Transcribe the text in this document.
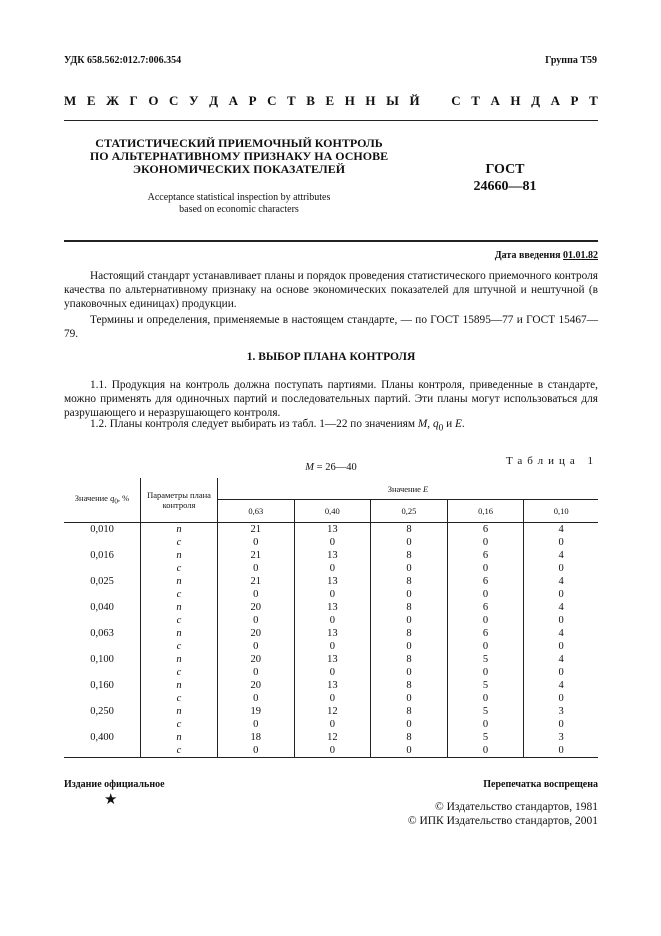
УДК 658.562:012.7:006.354	Группа Т59
М Е Ж Г О С У Д А Р С Т В Е Н Н Ы Й С Т А Н Д А Р Т
СТАТИСТИЧЕСКИЙ ПРИЕМОЧНЫЙ КОНТРОЛЬ
ПО АЛЬТЕРНАТИВНОМУ ПРИЗНАКУ НА ОСНОВЕ
ЭКОНОМИЧЕСКИХ ПОКАЗАТЕЛЕЙ
Acceptance statistical inspection by attributes
based on economic characters
ГОСТ
24660—81
Дата введения 01.01.82
Настоящий стандарт устанавливает планы и порядок проведения статистического приемочного контроля качества по альтернативному признаку на основе экономических показателей для штучной и нештучной (в упаковочных единицах) продукции.
Термины и определения, применяемые в настоящем стандарте, — по ГОСТ 15895—77 и ГОСТ 15467—79.
1. ВЫБОР ПЛАНА КОНТРОЛЯ
1.1. Продукция на контроль должна поступать партиями. Планы контроля, приведенные в стандарте, можно применять для одиночных партий и последовательных партий. Эти планы могут использоваться для разрушающего и неразрушающего контроля.
1.2. Планы контроля следует выбирать из табл. 1—22 по значениям M, $q_0$ и E.
Таблица 1
M = 26—40
Значение $q_0$, %	Параметры плана контроля	Значение E				
		0,63	0,40	0,25	0,16	0,10
0,010	n	21	13	8	6	4
	c	0	0	0	0	0
0,016	n	21	13	8	6	4
	c	0	0	0	0	0
0,025	n	21	13	8	6	4
	c	0	0	0	0	0
0,040	n	20	13	8	6	4
	c	0	0	0	0	0
0,063	n	20	13	8	6	4
	c	0	0	0	0	0
0,100	n	20	13	8	5	4
	c	0	0	0	0	0
0,160	n	20	13	8	5	4
	c	0	0	0	0	0
0,250	n	19	12	8	5	3
	c	0	0	0	0	0
0,400	n	18	12	8	5	3
	c	0	0	0	0	0
Издание официальное
★
Перепечатка воспрещена
© Издательство стандартов, 1981
© ИПК Издательство стандартов, 2001
